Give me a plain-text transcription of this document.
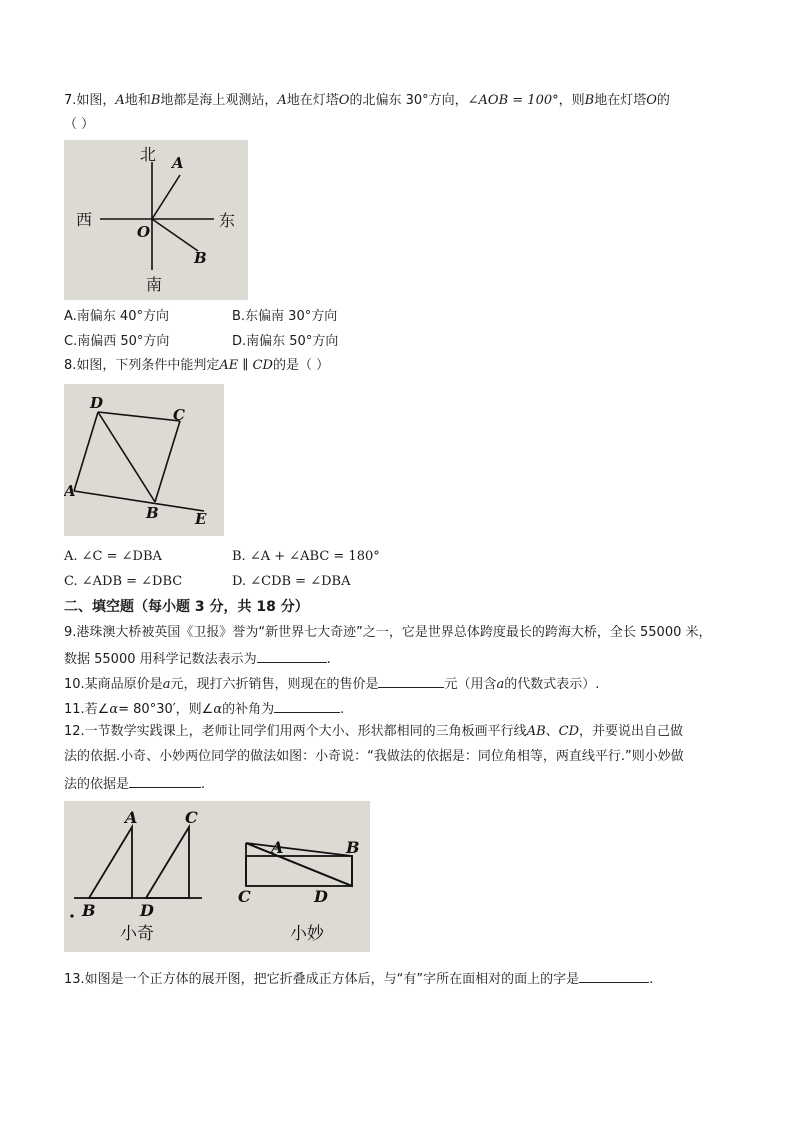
7.如图，A地和B地都是海上观测站，A地在灯塔O的北偏东 30°方向，∠AOB = 100°，则B地在灯塔O的
（ ）
北
南
西	东
A
B
O
A.南偏东 40°方向	B.东偏南 30°方向
C.南偏西 50°方向	D.南偏东 50°方向
8.如图，下列条件中能判定AE ∥ CD的是（ ）
A
B
C
D
E
A. ∠C = ∠DBA	B. ∠A + ∠ABC = 180°
C. ∠ADB = ∠DBC	D. ∠CDB = ∠DBA
二、填空题（每小题 3 分，共 18 分）
9.港珠澳大桥被英国《卫报》誉为“新世界七大奇迹”之一，它是世界总体跨度最长的跨海大桥，全长 55000 米，
数据 55000 用科学记数法表示为	.
10.某商品原价是a元，现打六折销售，则现在的售价是	元（用含a的代数式表示）.
11.若∠α= 80°30′，则∠α的补角为	.
12.一节数学实践课上，老师让同学们用两个大小、形状都相同的三角板画平行线AB、CD，并要说出自己做
法的依据.小奇、小妙两位同学的做法如图：小奇说：“我做法的依据是：同位角相等，两直线平行.”则小妙做
法的依据是	.
A	C
B	D
小奇
A	B
C	D
小妙
13.如图是一个正方体的展开图，把它折叠成正方体后，与“有”字所在面相对的面上的字是	.
